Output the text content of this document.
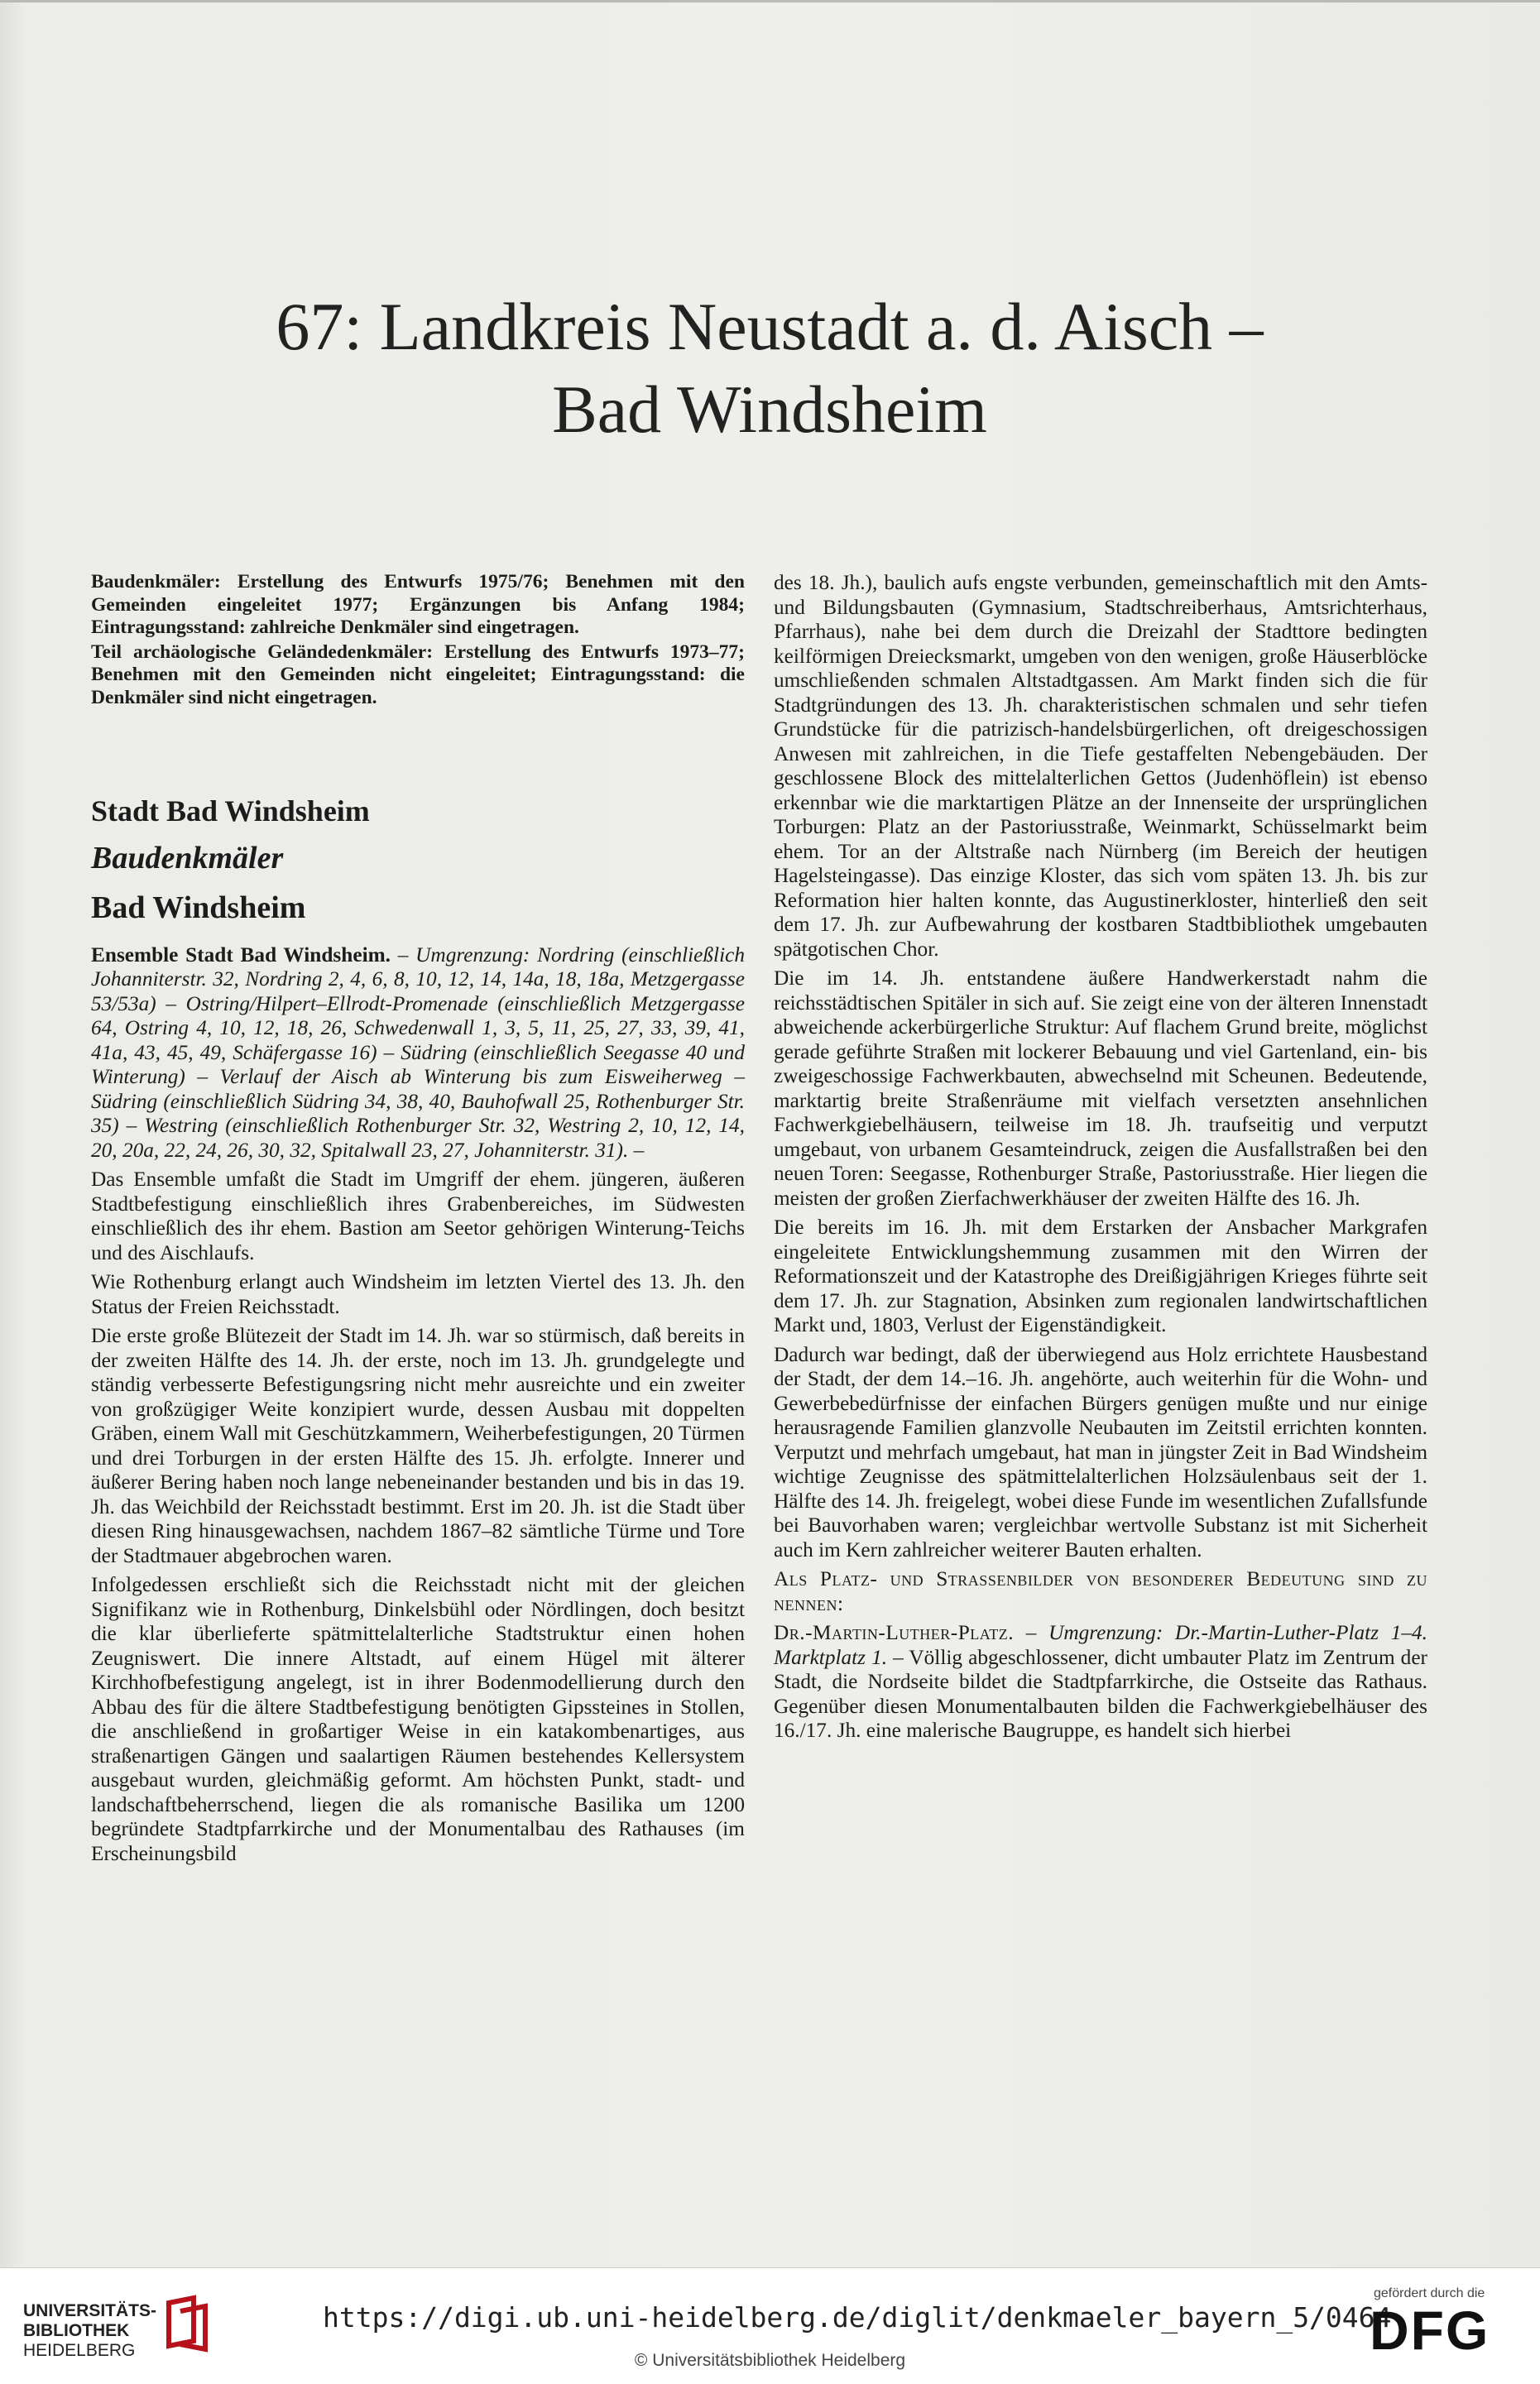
67: Landkreis Neustadt a. d. Aisch –
Bad Windsheim

Baudenkmäler: Erstellung des Entwurfs 1975/76; Benehmen mit den Gemeinden eingeleitet 1977; Ergänzungen bis Anfang 1984; Eintragungsstand: zahlreiche Denkmäler sind eingetragen.

Teil archäologische Geländedenkmäler: Erstellung des Entwurfs 1973–77; Benehmen mit den Gemeinden nicht eingeleitet; Eintragungsstand: die Denkmäler sind nicht eingetragen.

Stadt Bad Windsheim
Baudenkmäler
Bad Windsheim

Ensemble Stadt Bad Windsheim. – Umgrenzung: Nordring (einschließlich Johanniterstr. 32, Nordring 2, 4, 6, 8, 10, 12, 14, 14a, 18, 18a, Metzgergasse 53/53a) – Ostring/Hilpert–Ellrodt-Promenade (einschließlich Metzgergasse 64, Ostring 4, 10, 12, 18, 26, Schwedenwall 1, 3, 5, 11, 25, 27, 33, 39, 41, 41a, 43, 45, 49, Schäfergasse 16) – Südring (einschließlich Seegasse 40 und Winterung) – Verlauf der Aisch ab Winterung bis zum Eisweiherweg – Südring (einschließlich Südring 34, 38, 40, Bauhofwall 25, Rothenburger Str. 35) – Westring (einschließlich Rothenburger Str. 32, Westring 2, 10, 12, 14, 20, 20a, 22, 24, 26, 30, 32, Spitalwall 23, 27, Johanniterstr. 31). –

Das Ensemble umfaßt die Stadt im Umgriff der ehem. jüngeren, äußeren Stadtbefestigung einschließlich ihres Grabenbereiches, im Südwesten einschließlich des ihr ehem. Bastion am Seetor gehörigen Winterung-Teichs und des Aischlaufs.

Wie Rothenburg erlangt auch Windsheim im letzten Viertel des 13. Jh. den Status der Freien Reichsstadt.

Die erste große Blütezeit der Stadt im 14. Jh. war so stürmisch, daß bereits in der zweiten Hälfte des 14. Jh. der erste, noch im 13. Jh. grundgelegte und ständig verbesserte Befestigungsring nicht mehr ausreichte und ein zweiter von großzügiger Weite konzipiert wurde, dessen Ausbau mit doppelten Gräben, einem Wall mit Geschützkammern, Weiherbefestigungen, 20 Türmen und drei Torburgen in der ersten Hälfte des 15. Jh. erfolgte. Innerer und äußerer Bering haben noch lange nebeneinander bestanden und bis in das 19. Jh. das Weichbild der Reichsstadt bestimmt. Erst im 20. Jh. ist die Stadt über diesen Ring hinausgewachsen, nachdem 1867–82 sämtliche Türme und Tore der Stadtmauer abgebrochen waren.

Infolgedessen erschließt sich die Reichsstadt nicht mit der gleichen Signifikanz wie in Rothenburg, Dinkelsbühl oder Nördlingen, doch besitzt die klar überlieferte spätmittelalterliche Stadtstruktur einen hohen Zeugniswert. Die innere Altstadt, auf einem Hügel mit älterer Kirchhofbefestigung angelegt, ist in ihrer Bodenmodellierung durch den Abbau des für die ältere Stadtbefestigung benötigten Gipssteines in Stollen, die anschließend in großartiger Weise in ein katakombenartiges, aus straßenartigen Gängen und saalartigen Räumen bestehendes Kellersystem ausgebaut wurden, gleichmäßig geformt. Am höchsten Punkt, stadt- und landschaftbeherrschend, liegen die als romanische Basilika um 1200 begründete Stadtpfarrkirche und der Monumentalbau des Rathauses (im Erscheinungsbild

des 18. Jh.), baulich aufs engste verbunden, gemeinschaftlich mit den Amts- und Bildungsbauten (Gymnasium, Stadtschreiberhaus, Amtsrichterhaus, Pfarrhaus), nahe bei dem durch die Dreizahl der Stadttore bedingten keilförmigen Dreiecksmarkt, umgeben von den wenigen, große Häuserblöcke umschließenden schmalen Altstadtgassen. Am Markt finden sich die für Stadtgründungen des 13. Jh. charakteristischen schmalen und sehr tiefen Grundstücke für die patrizisch-handelsbürgerlichen, oft dreigeschossigen Anwesen mit zahlreichen, in die Tiefe gestaffelten Nebengebäuden. Der geschlossene Block des mittelalterlichen Gettos (Judenhöflein) ist ebenso erkennbar wie die marktartigen Plätze an der Innenseite der ursprünglichen Torburgen: Platz an der Pastoriusstraße, Weinmarkt, Schüsselmarkt beim ehem. Tor an der Altstraße nach Nürnberg (im Bereich der heutigen Hagelsteingasse). Das einzige Kloster, das sich vom späten 13. Jh. bis zur Reformation hier halten konnte, das Augustinerkloster, hinterließ den seit dem 17. Jh. zur Aufbewahrung der kostbaren Stadtbibliothek umgebauten spätgotischen Chor.

Die im 14. Jh. entstandene äußere Handwerkerstadt nahm die reichsstädtischen Spitäler in sich auf. Sie zeigt eine von der älteren Innenstadt abweichende ackerbürgerliche Struktur: Auf flachem Grund breite, möglichst gerade geführte Straßen mit lockerer Bebauung und viel Gartenland, ein- bis zweigeschossige Fachwerkbauten, abwechselnd mit Scheunen. Bedeutende, marktartig breite Straßenräume mit vielfach versetzten ansehnlichen Fachwerkgiebelhäusern, teilweise im 18. Jh. traufseitig und verputzt umgebaut, von urbanem Gesamteindruck, zeigen die Ausfallstraßen bei den neuen Toren: Seegasse, Rothenburger Straße, Pastoriusstraße. Hier liegen die meisten der großen Zierfachwerkhäuser der zweiten Hälfte des 16. Jh.

Die bereits im 16. Jh. mit dem Erstarken der Ansbacher Markgrafen eingeleitete Entwicklungshemmung zusammen mit den Wirren der Reformationszeit und der Katastrophe des Dreißigjährigen Krieges führte seit dem 17. Jh. zur Stagnation, Absinken zum regionalen landwirtschaftlichen Markt und, 1803, Verlust der Eigenständigkeit.

Dadurch war bedingt, daß der überwiegend aus Holz errichtete Hausbestand der Stadt, der dem 14.–16. Jh. angehörte, auch weiterhin für die Wohn- und Gewerbebedürfnisse der einfachen Bürgers genügen mußte und nur einige herausragende Familien glanzvolle Neubauten im Zeitstil errichten konnten. Verputzt und mehrfach umgebaut, hat man in jüngster Zeit in Bad Windsheim wichtige Zeugnisse des spätmittelalterlichen Holzsäulenbaus seit der 1. Hälfte des 14. Jh. freigelegt, wobei diese Funde im wesentlichen Zufallsfunde bei Bauvorhaben waren; vergleichbar wertvolle Substanz ist mit Sicherheit auch im Kern zahlreicher weiterer Bauten erhalten.

Als Platz- und Strassenbilder von besonderer Bedeutung sind zu nennen:

Dr.-Martin-Luther-Platz. – Umgrenzung: Dr.-Martin-Luther-Platz 1–4. Marktplatz 1. – Völlig abgeschlossener, dicht umbauter Platz im Zentrum der Stadt, die Nordseite bildet die Stadtpfarrkirche, die Ostseite das Rathaus. Gegenüber diesen Monumentalbauten bilden die Fachwerkgiebelhäuser des 16./17. Jh. eine malerische Baugruppe, es handelt sich hierbei

UNIVERSITÄTS-
BIBLIOTHEK
HEIDELBERG
https://digi.ub.uni-heidelberg.de/diglit/denkmaeler_bayern_5/0464
© Universitätsbibliothek Heidelberg
gefördert durch die
DFG
